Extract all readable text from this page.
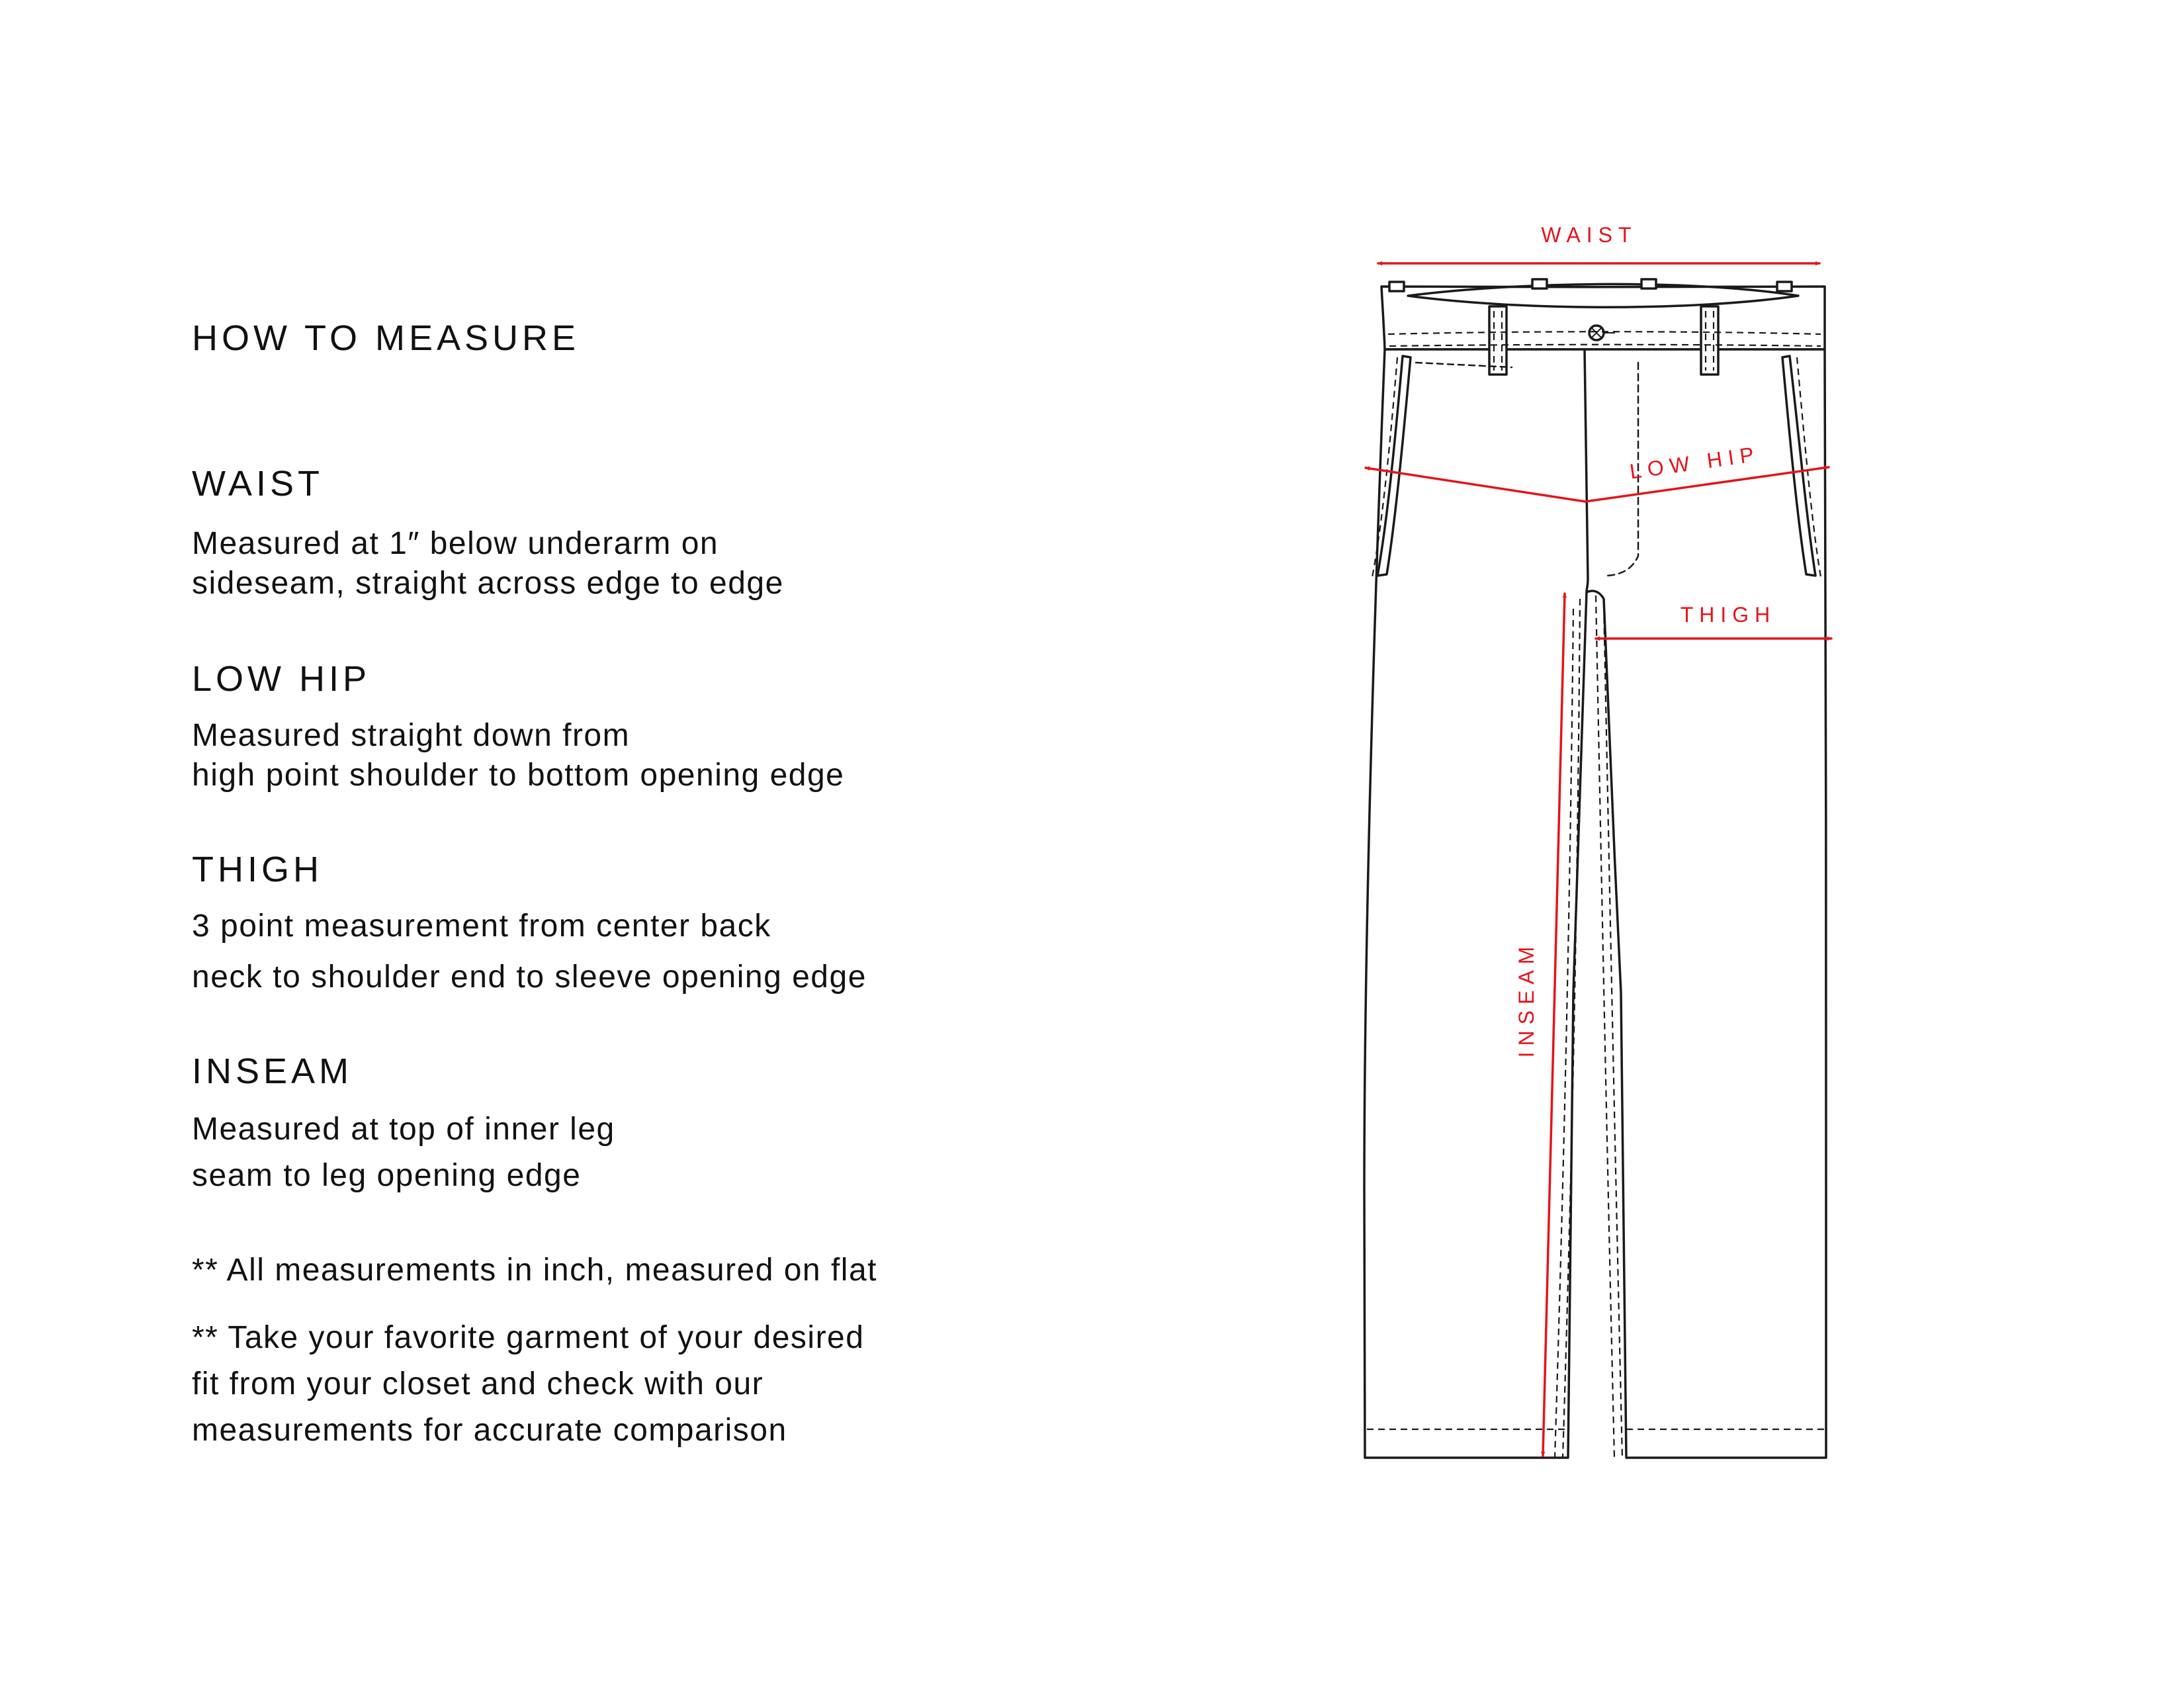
HOW TO MEASURE
WAIST

Measured at 1″ below underarm on

sideseam, straight across edge to edge

LOW HIP

Measured straight down from

high point shoulder to bottom opening edge

THIGH

3 point measurement from center back

neck to shoulder end to sleeve opening edge

INSEAM

Measured at top of inner leg

seam to leg opening edge

** All measurements in inch, measured on flat

** Take your favorite garment of your desired

fit from your closet and check with our

measurements for accurate comparison

WAIST
LOW HIP
THIGH
INSEAM
